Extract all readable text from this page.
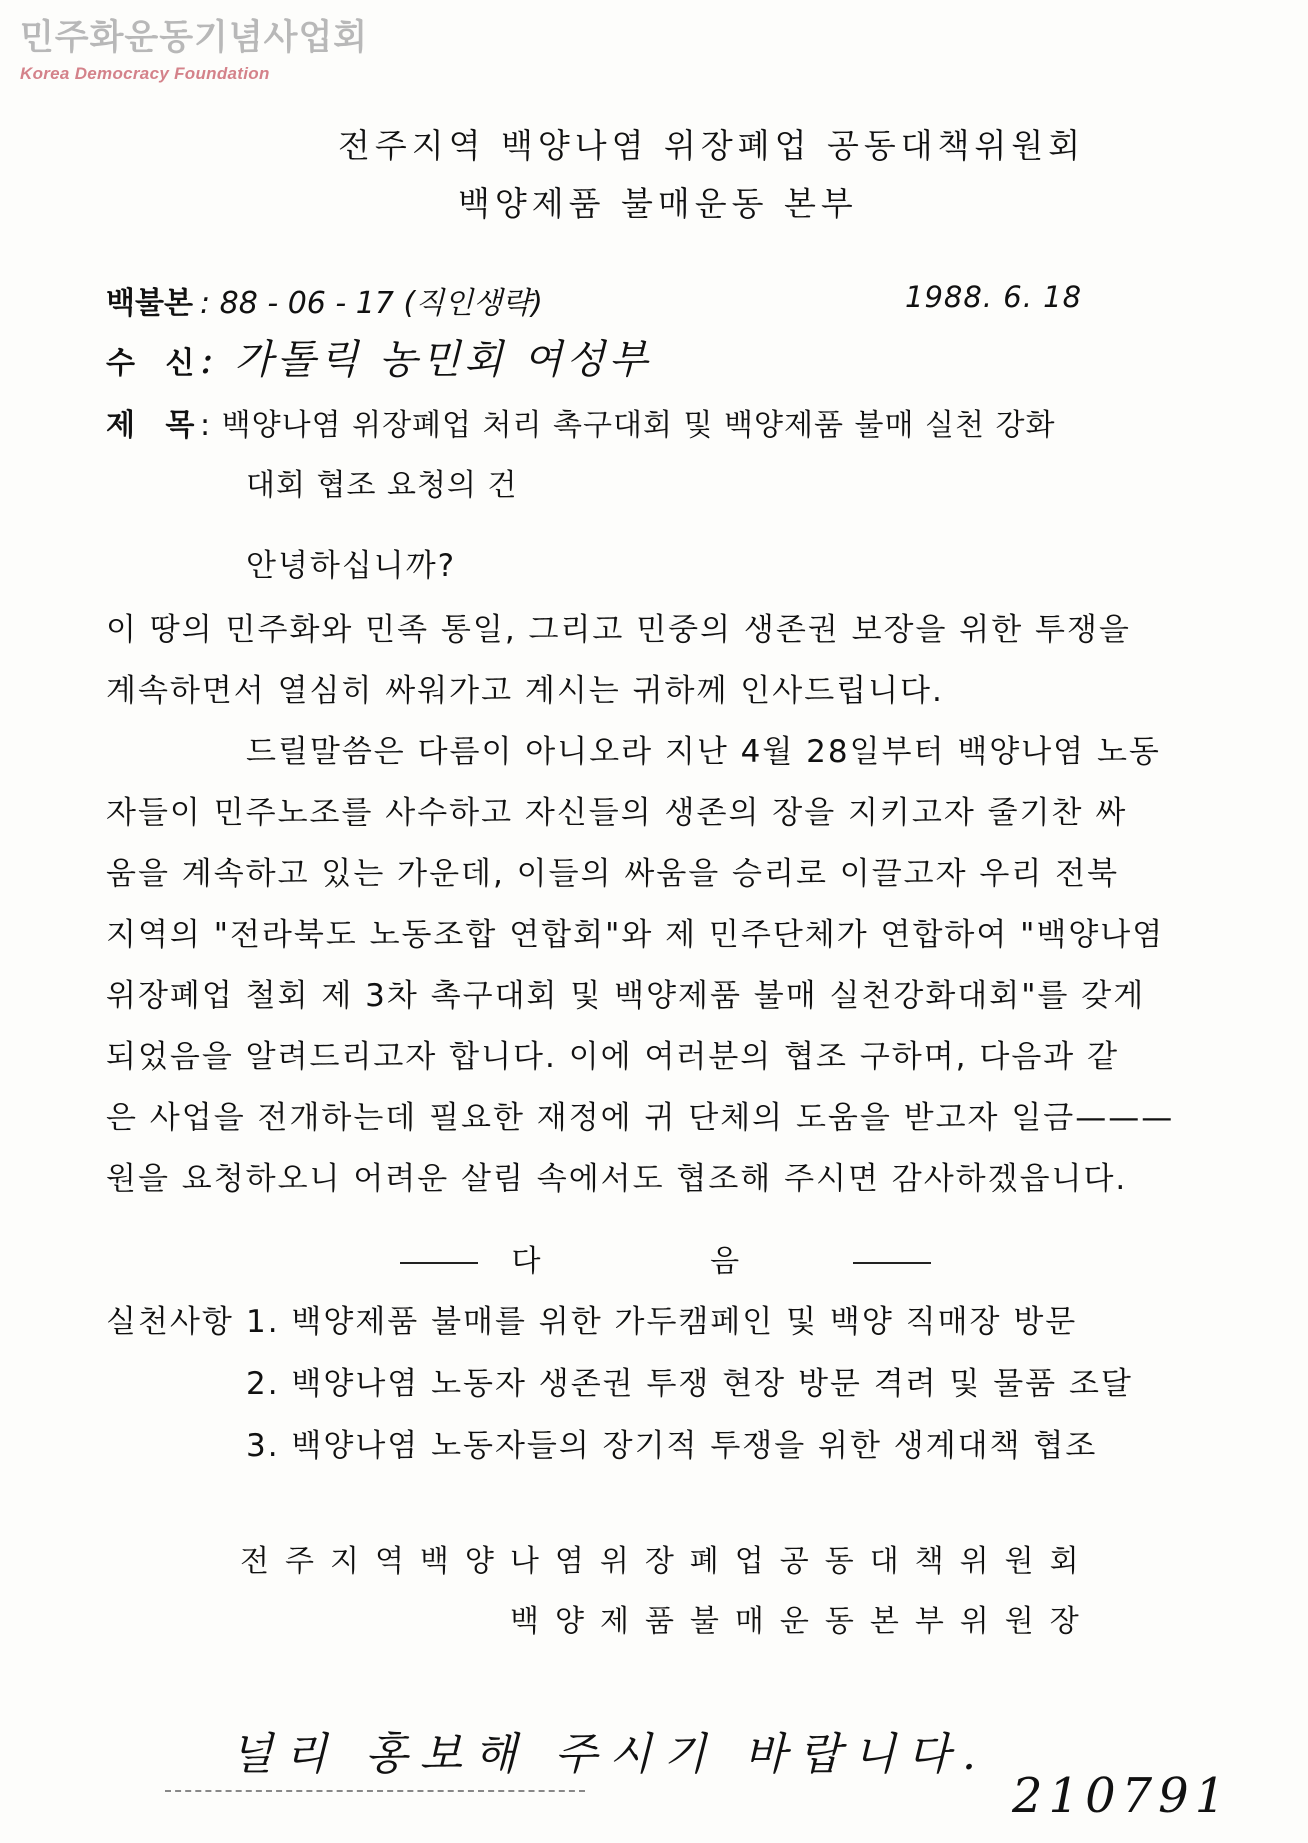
민주화운동기념사업회
Korea Democracy Foundation
전주지역 백양나염 위장폐업 공동대책위원회
백양제품 불매운동 본부
백불본 : 88 - 06 - 17 (직인생략)	1988. 6. 18
수 신
: 가톨릭 농민회 여성부
제 목
: 백양나염 위장폐업 처리 촉구대회 및 백양제품 불매 실천 강화
대회 협조 요청의 건
안녕하십니까?
이 땅의 민주화와 민족 통일, 그리고 민중의 생존권 보장을 위한 투쟁을
계속하면서 열심히 싸워가고 계시는 귀하께 인사드립니다.
드릴말씀은 다름이 아니오라 지난 4월 28일부터 백양나염 노동
자들이 민주노조를 사수하고 자신들의 생존의 장을 지키고자 줄기찬 싸
움을 계속하고 있는 가운데, 이들의 싸움을 승리로 이끌고자 우리 전북
지역의 "전라북도 노동조합 연합회"와 제 민주단체가 연합하여 "백양나염
위장폐업 철회 제 3차 촉구대회 및 백양제품 불매 실천강화대회"를 갖게
되었음을 알려드리고자 합니다. 이에 여러분의 협조 구하며, 다음과 같
은 사업을 전개하는데 필요한 재정에 귀 단체의 도움을 받고자 일금———
원을 요청하오니 어려운 살림 속에서도 협조해 주시면 감사하겠읍니다.
다 음
실천사항 1. 백양제품 불매를 위한 가두캠페인 및 백양 직매장 방문
2. 백양나염 노동자 생존권 투쟁 현장 방문 격려 및 물품 조달
3. 백양나염 노동자들의 장기적 투쟁을 위한 생계대책 협조
전주지역백양나염위장폐업공동대책위원회
백양제품불매운동본부위원장
널리 홍보해 주시기 바랍니다.
210791
